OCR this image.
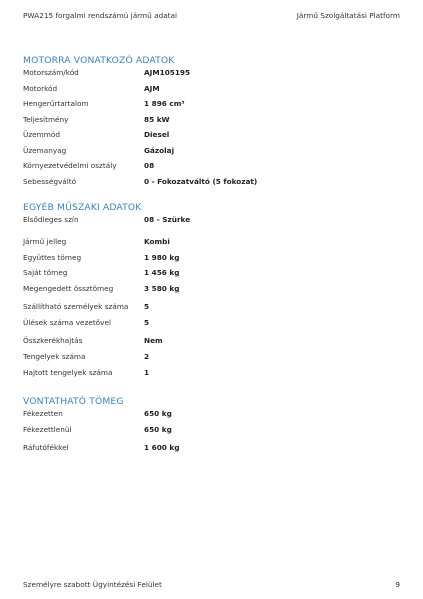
PWA215 forgalmi rendszámú jármű adatai	Jármű Szolgáltatási Platform
MOTORRA VONATKOZÓ ADATOK
Motorszám/kód	AJM105195
Motorkód	AJM
Hengerűrtartalom	1 896 cm³
Teljesítmény	85 kW
Üzemmód	Diesel
Üzemanyag	Gázolaj
Környezetvédelmi osztály	08
Sebességváltó	0 - Fokozatváltó (5 fokozat)
EGYÉB MŰSZAKI ADATOK
Elsődleges szín	08 - Szürke
Jármű jelleg	Kombi
Együttes tömeg	1 980 kg
Saját tömeg	1 456 kg
Megengedett össztömeg	3 580 kg
Szállítható személyek száma 5
Ülések száma vezetővel	5
Összkerékhajtás	Nem
Tengelyek száma	2
Hajtott tengelyek száma	1
VONTATHATÓ TÖMEG
Fékezetten	650 kg
Fékezettlenül	650 kg
Ráfutófékkel	1 600 kg
Személyre szabott Ügyintézési Felület	9
